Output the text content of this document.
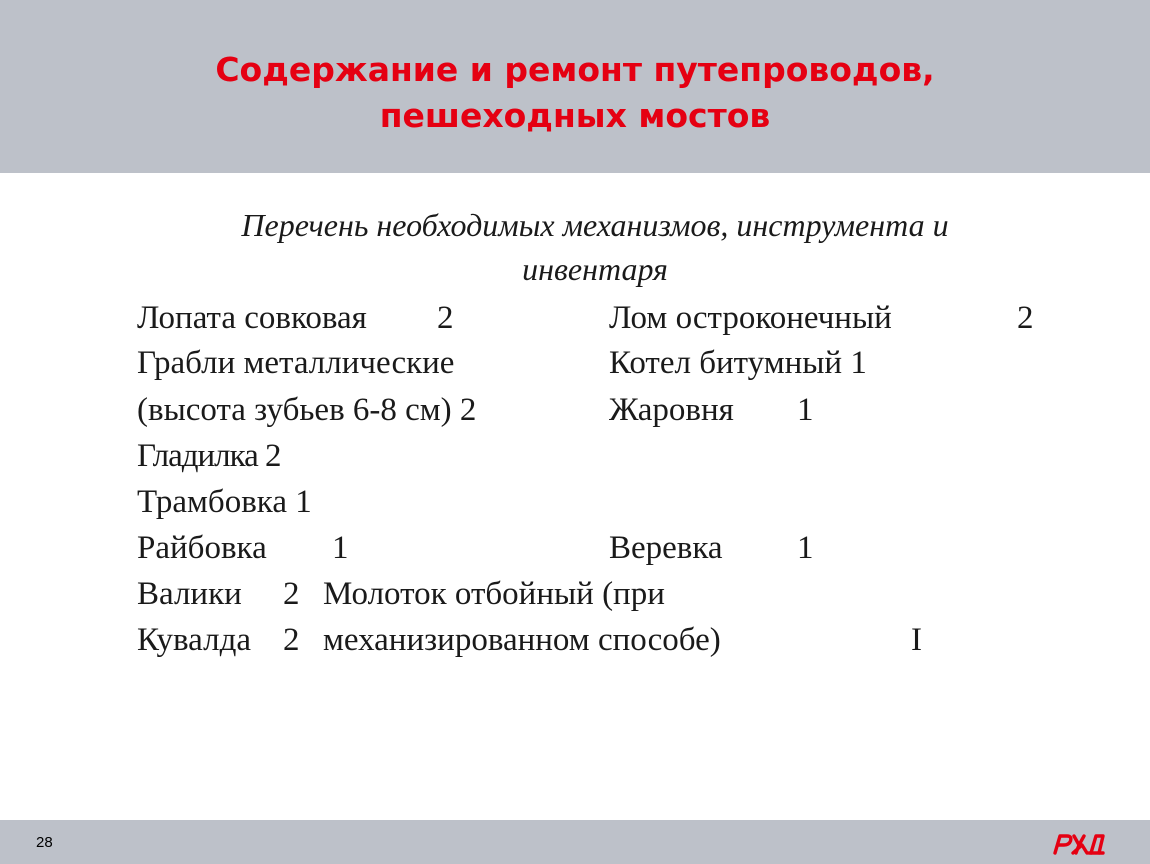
Содержание и ремонт путепроводов,
пешеходных мостов
Перечень необходимых механизмов, инструмента и инвентаря
Лопата совковая 2	Лом остроконечный	2
Грабли металлические	Котел битумный 1
(высота зубьев 6-8 см) 2	Жаровня 1
Гладилка 2
Трамбовка 1
Райбовка 1	Веревка 1
Валики 2 Молоток отбойный (при
Кувалда 2 механизированном способе)	I
28
